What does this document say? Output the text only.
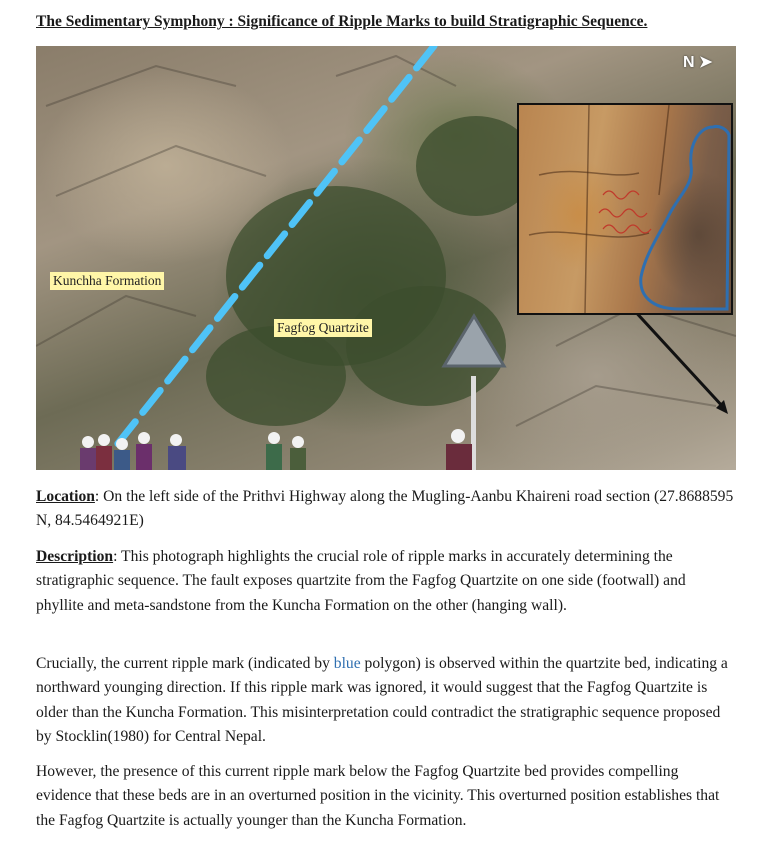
The Sedimentary Symphony : Significance of Ripple Marks to build Stratigraphic Sequence.
Kunchha Formation
Fagfog Quartzite
N ➤

Location: On the left side of the Prithvi Highway along the Mugling-Aanbu Khaireni road section (27.8688595 N, 84.5464921E)

Description: This photograph highlights the crucial role of ripple marks in accurately determining the stratigraphic sequence. The fault exposes quartzite from the Fagfog Quartzite on one side (footwall) and phyllite and meta-sandstone from the Kuncha Formation on the other (hanging wall).

Crucially, the current ripple mark (indicated by blue polygon) is observed within the quartzite bed, indicating a northward younging direction. If this ripple mark was ignored, it would suggest that the Fagfog Quartzite is older than the Kuncha Formation. This misinterpretation could contradict the stratigraphic sequence proposed by Stocklin(1980) for Central Nepal.

However, the presence of this current ripple mark below the Fagfog Quartzite bed provides compelling evidence that these beds are in an overturned position in the vicinity. This overturned position establishes that the Fagfog Quartzite is actually younger than the Kuncha Formation.
